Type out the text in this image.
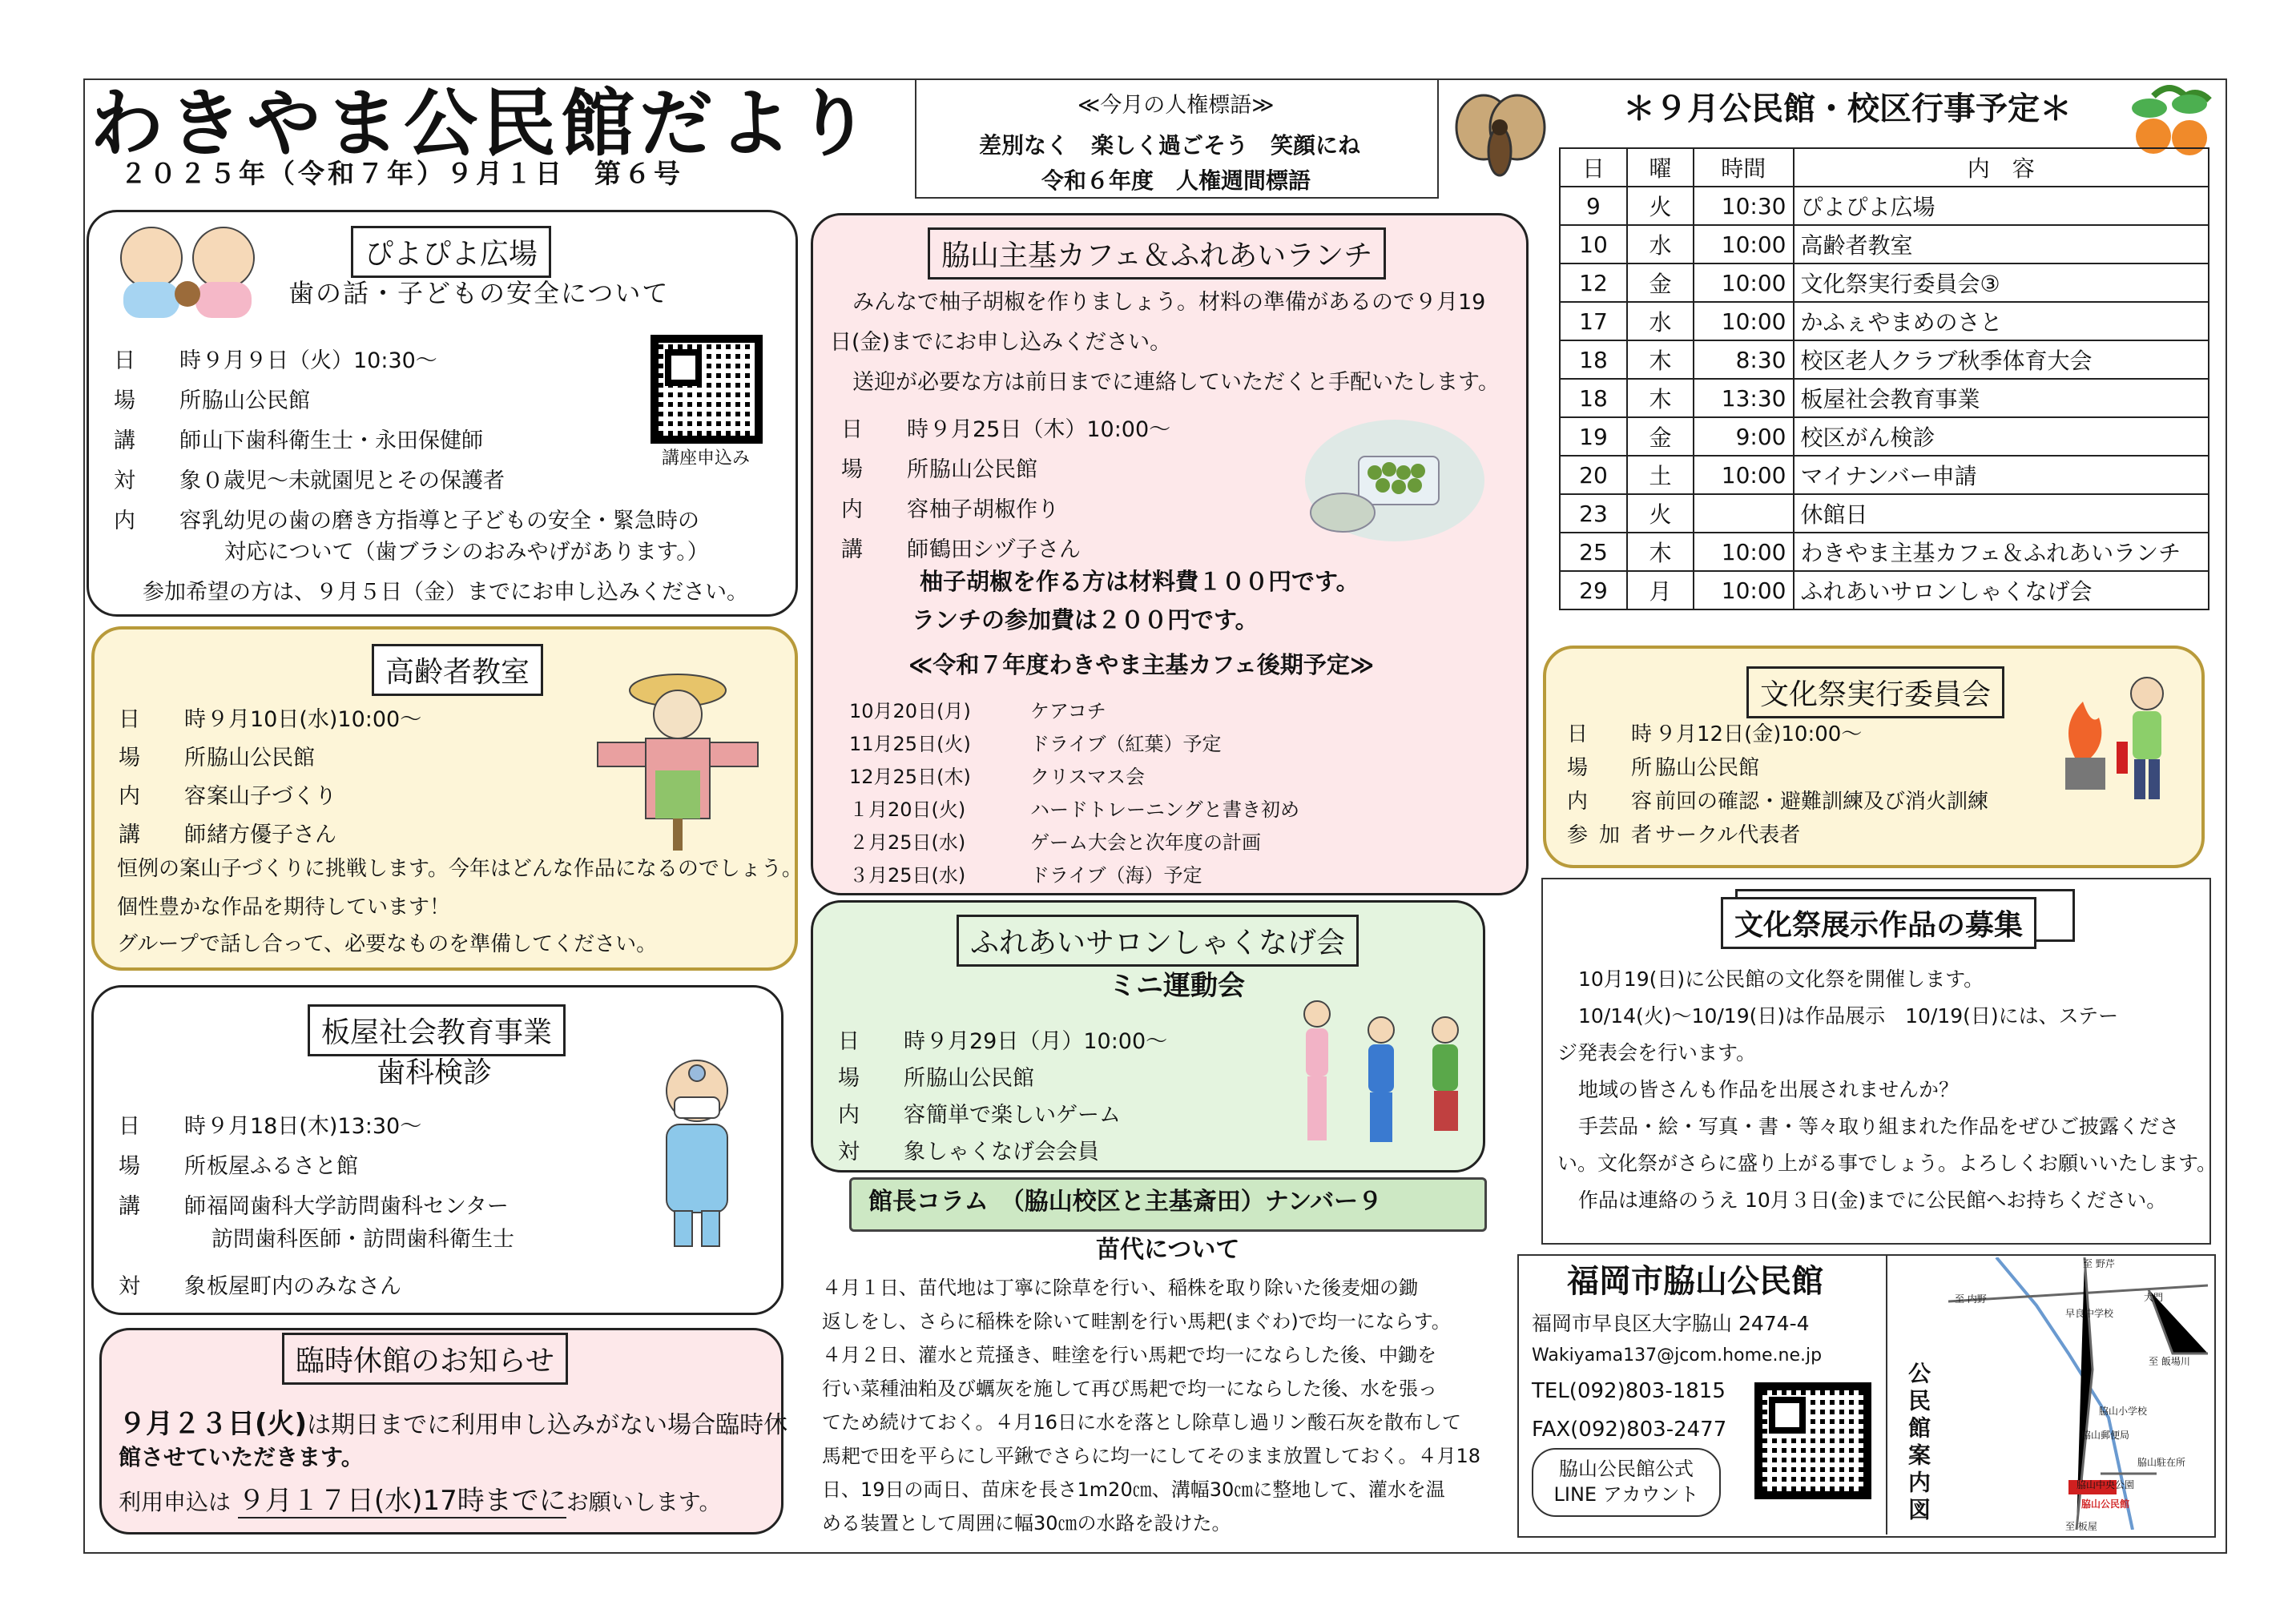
わきやま公民館だより
２０２５年（令和７年）９月１日　第６号
≪今月の人権標語≫
差別なく　楽しく過ごそう　笑顔にね
令和６年度　人権週間標語
ぴよぴよ広場
歯の話・子どもの安全について
日　時９月９日（火）10:30～
場　所脇山公民館
講　師山下歯科衛生士・永田保健師
対　象０歳児～未就園児とその保護者
内　容乳幼児の歯の磨き方指導と子どもの安全・緊急時の
対応について（歯ブラシのおみやげがあります。）
参加希望の方は、９月５日（金）までにお申し込みください。
講座申込み
高齢者教室
日　時９月10日(水)10:00～
場　所脇山公民館
内　容案山子づくり
講　師緒方優子さん
恒例の案山子づくりに挑戦します。今年はどんな作品になるのでしょう。
個性豊かな作品を期待しています！
グループで話し合って、必要なものを準備してください。
板屋社会教育事業
歯科検診
日　時９月18日(木)13:30～
場　所板屋ふるさと館
講　師福岡歯科大学訪問歯科センター
訪問歯科医師・訪問歯科衛生士
対　象板屋町内のみなさん
臨時休館のお知らせ
９月２３日(火)は期日までに利用申し込みがない場合臨時休
館させていただきます。
利用申込は ９月１７日(水)17時までにお願いします。
脇山主基カフェ＆ふれあいランチ
みんなで柚子胡椒を作りましょう。材料の準備があるので９月19
日(金)までにお申し込みください。
送迎が必要な方は前日までに連絡していただくと手配いたします。
日　時９月25日（木）10:00～
場　所脇山公民館
内　容柚子胡椒作り
講　師鶴田シヅ子さん
柚子胡椒を作る方は材料費１００円です。
ランチの参加費は２００円です。
≪令和７年度わきやま主基カフェ後期予定≫
10月20日(月)	ケアコチ
11月25日(火)	ドライブ（紅葉）予定
12月25日(木)	クリスマス会
１月20日(火)	ハードトレーニングと書き初め
２月25日(水)	ゲーム大会と次年度の計画
３月25日(水)	ドライブ（海）予定
ふれあいサロンしゃくなげ会
ミニ運動会
日　時９月29日（月）10:00～
場　所脇山公民館
内　容簡単で楽しいゲーム
対　象しゃくなげ会会員
館長コラム　（脇山校区と主基斎田）ナンバー９
苗代について
４月１日、苗代地は丁寧に除草を行い、稲株を取り除いた後麦畑の鋤
返しをし、さらに稲株を除いて畦割を行い馬耙(まぐわ)で均一にならす。
４月２日、灌水と荒掻き、畦塗を行い馬耙で均一にならした後、中鋤を
行い菜種油粕及び蠣灰を施して再び馬耙で均一にならした後、水を張っ
てため続けておく。４月16日に水を落とし除草し過リン酸石灰を散布して
馬耙で田を平らにし平鍬でさらに均一にしてそのまま放置しておく。４月18
日、19日の両日、苗床を長さ1m20㎝、溝幅30㎝に整地して、灌水を温
める装置として周囲に幅30㎝の水路を設けた。
＊９月公民館・校区行事予定＊
日	曜	時間	内　容
9	火	10:30	ぴよぴよ広場
10	水	10:00	高齢者教室
12	金	10:00	文化祭実行委員会③
17	水	10:00	かふぇやまめのさと
18	木	8:30	校区老人クラブ秋季体育大会
18	木	13:30	板屋社会教育事業
19	金	9:00	校区がん検診
20	土	10:00	マイナンバー申請
23	火		休館日
25	木	10:00	わきやま主基カフェ＆ふれあいランチ
29	月	10:00	ふれあいサロンしゃくなげ会
文化祭実行委員会
日　時９月12日(金)10:00～
場　所脇山公民館
内　容前回の確認・避難訓練及び消火訓練
参加者サークル代表者
文化祭展示作品の募集
10月19(日)に公民館の文化祭を開催します。
10/14(火)～10/19(日)は作品展示　10/19(日)には、ステー
ジ発表会を行います。
地域の皆さんも作品を出展されませんか？
手芸品・絵・写真・書・等々取り組まれた作品をぜひご披露くださ
い。文化祭がさらに盛り上がる事でしょう。よろしくお願いいたします。
作品は連絡のうえ 10月３日(金)までに公民館へお持ちください。
福岡市脇山公民館
福岡市早良区大字脇山 2474-4
Wakiyama137@jcom.home.ne.jp
TEL(092)803-1815
FAX(092)803-2477
脇山公民館公式
LINE アカウント	公民館案内図
至 野芹
至 内野
早良中学校
大門
至 飯場川
脇山小学校
脇山郵便局
脇山中央公園
脇山駐在所
脇山公民館
至 板屋
